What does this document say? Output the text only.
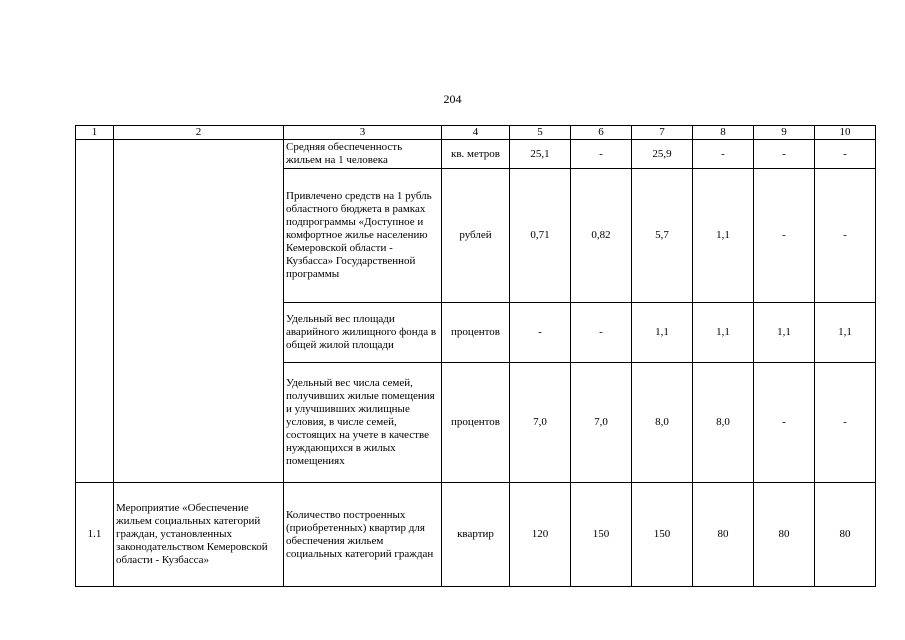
204
1	2	3	4	5	6	7	8	9	10
		Средняя обеспеченность жильем на 1 человека	кв. метров	25,1	-	25,9	-	-	-
		Привлечено средств на 1 рубль областного бюджета в рамках подпрограммы «Доступное и комфортное жилье населению Кемеровской области - Кузбасса» Государственной программы	рублей	0,71	0,82	5,7	1,1	-	-
		Удельный вес площади аварийного жилищного фонда в общей жилой площади	процентов	-	-	1,1	1,1	1,1	1,1
		Удельный вес числа семей, получивших жилые помещения и улучшивших жилищные условия, в числе семей, состоящих на учете в качестве нуждающихся в жилых помещениях	процентов	7,0	7,0	8,0	8,0	-	-
1.1	Мероприятие «Обеспечение жильем социальных категорий граждан, установленных законодательством Кемеровской области - Кузбасса»	Количество построенных (приобретенных) квартир для обеспечения жильем социальных категорий граждан	квартир	120	150	150	80	80	80
